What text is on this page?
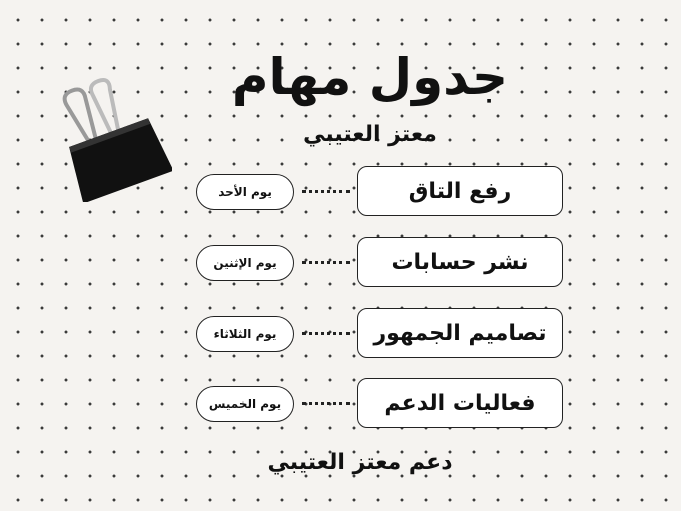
جدول مهام
معتز العتيبي
رفع التاق
يوم الأحد
نشر حسابات
يوم الإثنين
تصاميم الجمهور
يوم الثلاثاء
فعاليات الدعم
يوم الخميس
دعم معتز العتيبي
